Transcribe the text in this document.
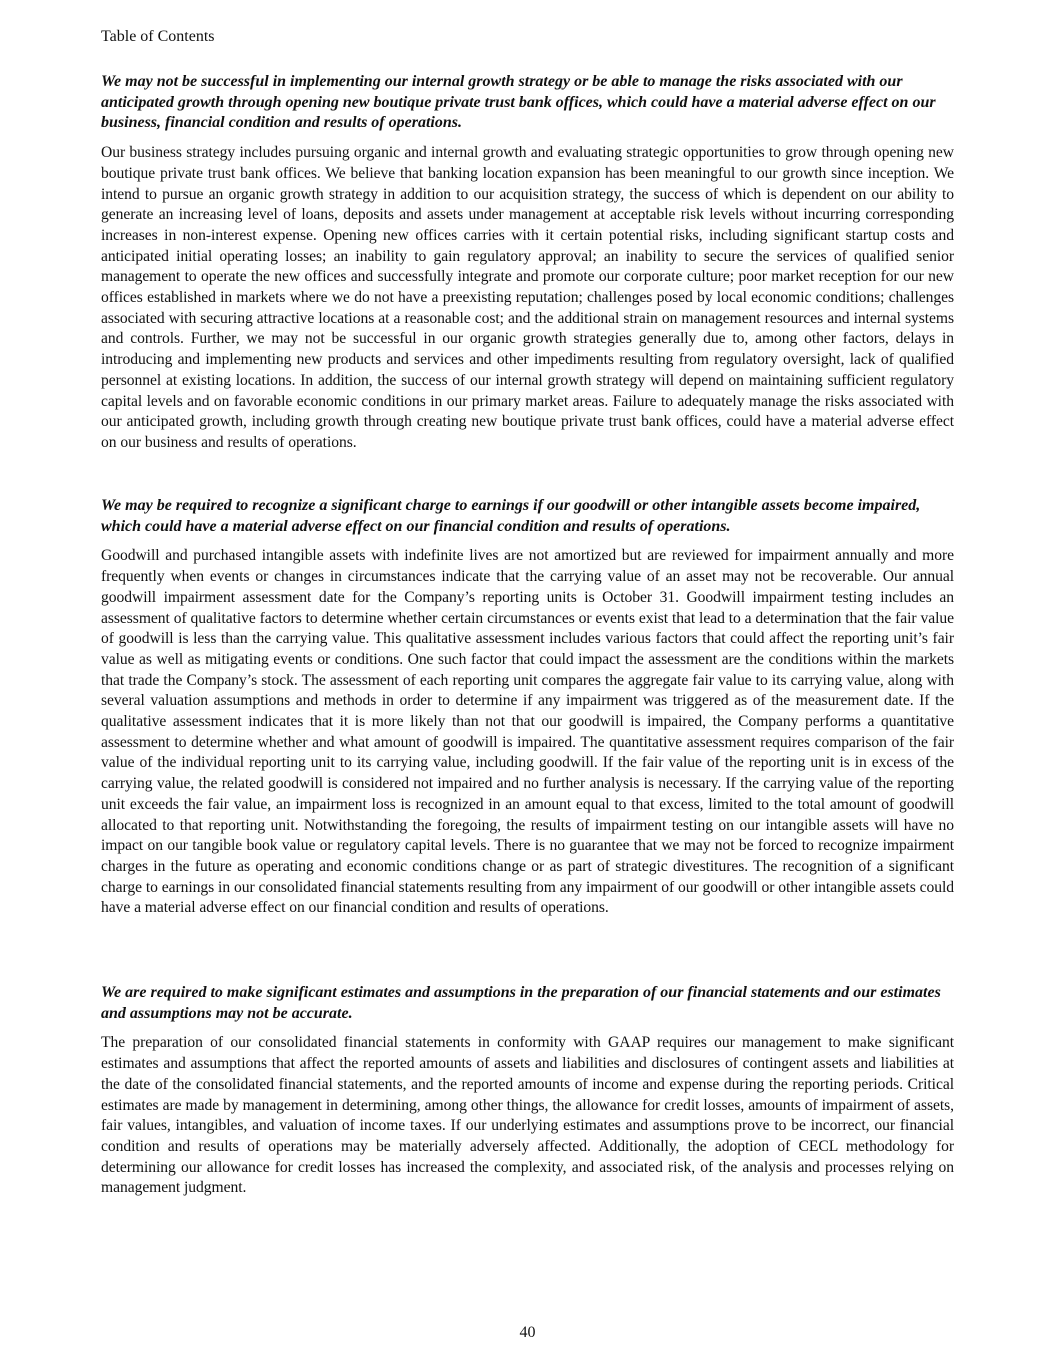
Table of Contents

We may not be successful in implementing our internal growth strategy or be able to manage the risks associated with our anticipated growth through opening new boutique private trust bank offices, which could have a material adverse effect on our business, financial condition and results of operations.

Our business strategy includes pursuing organic and internal growth and evaluating strategic opportunities to grow through opening new boutique private trust bank offices. We believe that banking location expansion has been meaningful to our growth since inception. We intend to pursue an organic growth strategy in addition to our acquisition strategy, the success of which is dependent on our ability to generate an increasing level of loans, deposits and assets under management at acceptable risk levels without incurring corresponding increases in non-interest expense. Opening new offices carries with it certain potential risks, including significant startup costs and anticipated initial operating losses; an inability to gain regulatory approval; an inability to secure the services of qualified senior management to operate the new offices and successfully integrate and promote our corporate culture; poor market reception for our new offices established in markets where we do not have a preexisting reputation; challenges posed by local economic conditions; challenges associated with securing attractive locations at a reasonable cost; and the additional strain on management resources and internal systems and controls. Further, we may not be successful in our organic growth strategies generally due to, among other factors, delays in introducing and implementing new products and services and other impediments resulting from regulatory oversight, lack of qualified personnel at existing locations. In addition, the success of our internal growth strategy will depend on maintaining sufficient regulatory capital levels and on favorable economic conditions in our primary market areas. Failure to adequately manage the risks associated with our anticipated growth, including growth through creating new boutique private trust bank offices, could have a material adverse effect on our business and results of operations.

We may be required to recognize a significant charge to earnings if our goodwill or other intangible assets become impaired, which could have a material adverse effect on our financial condition and results of operations.

Goodwill and purchased intangible assets with indefinite lives are not amortized but are reviewed for impairment annually and more frequently when events or changes in circumstances indicate that the carrying value of an asset may not be recoverable. Our annual goodwill impairment assessment date for the Company’s reporting units is October 31. Goodwill impairment testing includes an assessment of qualitative factors to determine whether certain circumstances or events exist that lead to a determination that the fair value of goodwill is less than the carrying value. This qualitative assessment includes various factors that could affect the reporting unit’s fair value as well as mitigating events or conditions. One such factor that could impact the assessment are the conditions within the markets that trade the Company’s stock. The assessment of each reporting unit compares the aggregate fair value to its carrying value, along with several valuation assumptions and methods in order to determine if any impairment was triggered as of the measurement date. If the qualitative assessment indicates that it is more likely than not that our goodwill is impaired, the Company performs a quantitative assessment to determine whether and what amount of goodwill is impaired. The quantitative assessment requires comparison of the fair value of the individual reporting unit to its carrying value, including goodwill. If the fair value of the reporting unit is in excess of the carrying value, the related goodwill is considered not impaired and no further analysis is necessary. If the carrying value of the reporting unit exceeds the fair value, an impairment loss is recognized in an amount equal to that excess, limited to the total amount of goodwill allocated to that reporting unit. Notwithstanding the foregoing, the results of impairment testing on our intangible assets will have no impact on our tangible book value or regulatory capital levels. There is no guarantee that we may not be forced to recognize impairment charges in the future as operating and economic conditions change or as part of strategic divestitures. The recognition of a significant charge to earnings in our consolidated financial statements resulting from any impairment of our goodwill or other intangible assets could have a material adverse effect on our financial condition and results of operations.

We are required to make significant estimates and assumptions in the preparation of our financial statements and our estimates and assumptions may not be accurate.

The preparation of our consolidated financial statements in conformity with GAAP requires our management to make significant estimates and assumptions that affect the reported amounts of assets and liabilities and disclosures of contingent assets and liabilities at the date of the consolidated financial statements, and the reported amounts of income and expense during the reporting periods. Critical estimates are made by management in determining, among other things, the allowance for credit losses, amounts of impairment of assets, fair values, intangibles, and valuation of income taxes. If our underlying estimates and assumptions prove to be incorrect, our financial condition and results of operations may be materially adversely affected. Additionally, the adoption of CECL methodology for determining our allowance for credit losses has increased the complexity, and associated risk, of the analysis and processes relying on management judgment.

40
